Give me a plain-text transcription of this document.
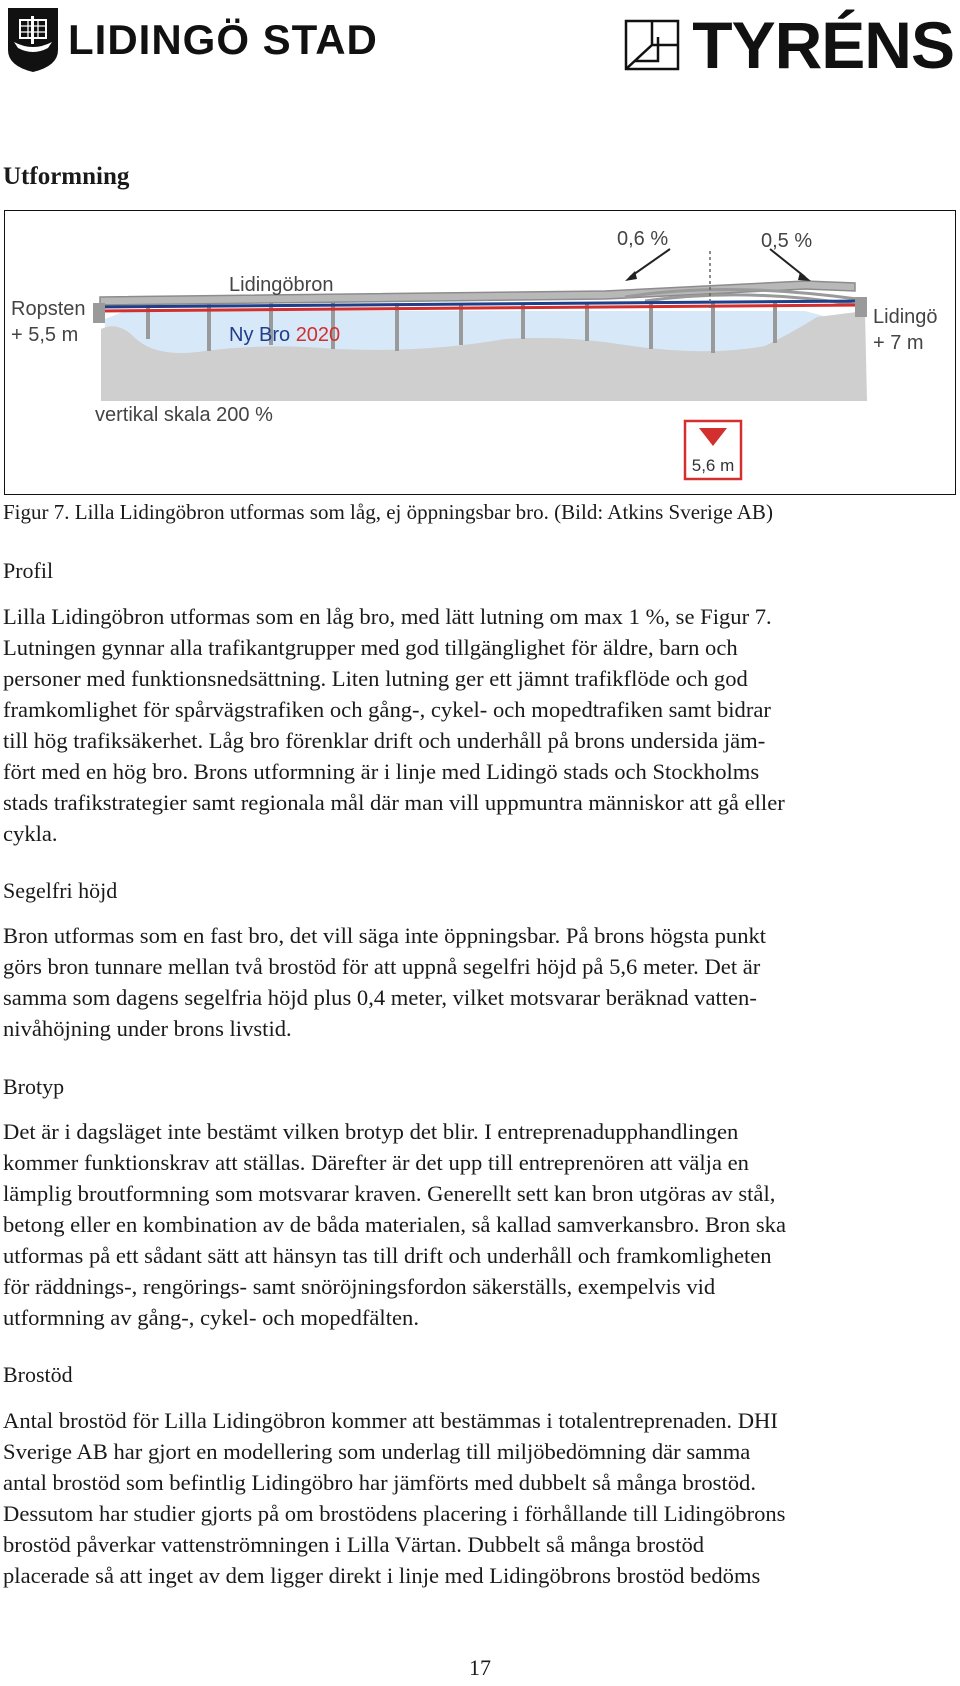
LIDINGÖ STAD	TYRÉNS
Utformning
0,6 %	0,5 %
Lidingöbron
Ny Bro 2020
Ropsten
+ 5,5 m
Lidingö
+ 7 m
vertikal skala 200 %
5,6 m
Figur 7. Lilla Lidingöbron utformas som låg, ej öppningsbar bro. (Bild: Atkins Sverige AB)
Profil
Lilla Lidingöbron utformas som en låg bro, med lätt lutning om max 1 %, se Figur 7.
Lutningen gynnar alla trafikantgrupper med god tillgänglighet för äldre, barn och
personer med funktionsnedsättning. Liten lutning ger ett jämnt trafikflöde och god
framkomlighet för spårvägstrafiken och gång-, cykel- och mopedtrafiken samt bidrar
till hög trafiksäkerhet. Låg bro förenklar drift och underhåll på brons undersida jäm-
fört med en hög bro. Brons utformning är i linje med Lidingö stads och Stockholms
stads trafikstrategier samt regionala mål där man vill uppmuntra människor att gå eller
cykla.
Segelfri höjd
Bron utformas som en fast bro, det vill säga inte öppningsbar. På brons högsta punkt
görs bron tunnare mellan två brostöd för att uppnå segelfri höjd på 5,6 meter. Det är
samma som dagens segelfria höjd plus 0,4 meter, vilket motsvarar beräknad vatten-
nivåhöjning under brons livstid.
Brotyp
Det är i dagsläget inte bestämt vilken brotyp det blir. I entreprenadupphandlingen
kommer funktionskrav att ställas. Därefter är det upp till entreprenören att välja en
lämplig broutformning som motsvarar kraven. Generellt sett kan bron utgöras av stål,
betong eller en kombination av de båda materialen, så kallad samverkansbro. Bron ska
utformas på ett sådant sätt att hänsyn tas till drift och underhåll och framkomligheten
för räddnings-, rengörings- samt snöröjningsfordon säkerställs, exempelvis vid
utformning av gång-, cykel- och mopedfälten.
Brostöd
Antal brostöd för Lilla Lidingöbron kommer att bestämmas i totalentreprenaden. DHI
Sverige AB har gjort en modellering som underlag till miljöbedömning där samma
antal brostöd som befintlig Lidingöbro har jämförts med dubbelt så många brostöd.
Dessutom har studier gjorts på om brostödens placering i förhållande till Lidingöbrons
brostöd påverkar vattenströmningen i Lilla Värtan. Dubbelt så många brostöd
placerade så att inget av dem ligger direkt i linje med Lidingöbrons brostöd bedöms
17
